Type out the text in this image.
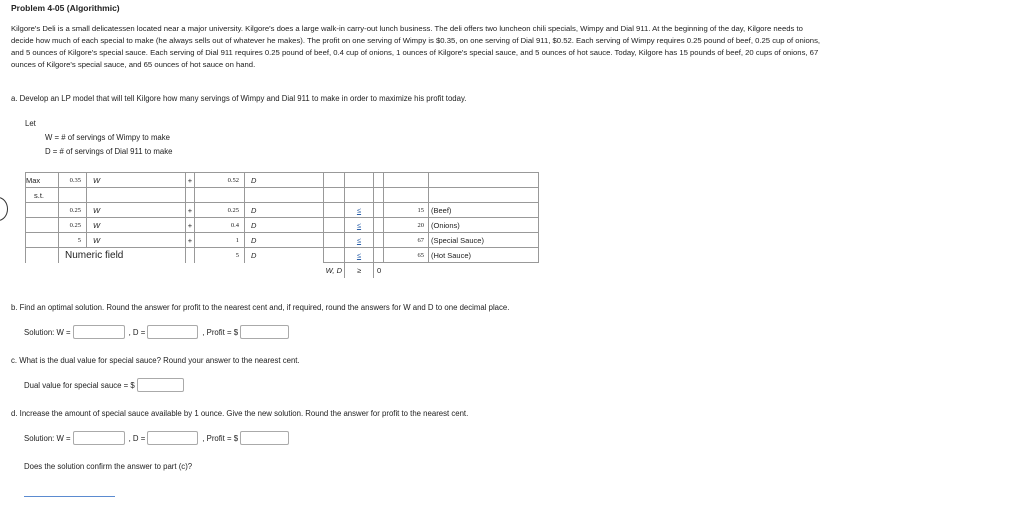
Problem 4-05 (Algorithmic)
Kilgore's Deli is a small delicatessen located near a major university. Kilgore's does a large walk-in carry-out lunch business. The deli offers two luncheon chili specials, Wimpy and Dial 911. At the beginning of the day, Kilgore needs to
decide how much of each special to make (he always sells out of whatever he makes). The profit on one serving of Wimpy is $0.35, on one serving of Dial 911, $0.52. Each serving of Wimpy requires 0.25 pound of beef, 0.25 cup of onions,
and 5 ounces of Kilgore's special sauce. Each serving of Dial 911 requires 0.25 pound of beef, 0.4 cup of onions, 1 ounces of Kilgore's special sauce, and 5 ounces of hot sauce. Today, Kilgore has 15 pounds of beef, 20 cups of onions, 67
ounces of Kilgore's special sauce, and 65 ounces of hot sauce on hand.
a. Develop an LP model that will tell Kilgore how many servings of Wimpy and Dial 911 to make in order to maximize his profit today.
Let
W = # of servings of Wimpy to make
D = # of servings of Dial 911 to make
Max	0.35	W	+	0.52	D					
s.t.										
	0.25	W	+	0.25	D		≤		15	(Beef)
	0.25	W	+	0.4	D		≤		20	(Onions)
	5	W	+	1	D		≤		67	(Special Sauce)
	Numeric field			5	D		≤		65	(Hot Sauce)
						W, D	≥	0		
b. Find an optimal solution. Round the answer for profit to the nearest cent and, if required, round the answers for W and D to one decimal place.
Solution: W =	, D =	, Profit = $
c. What is the dual value for special sauce? Round your answer to the nearest cent.
Dual value for special sauce = $
d. Increase the amount of special sauce available by 1 ounce. Give the new solution. Round the answer for profit to the nearest cent.
Solution: W =	, D =	, Profit = $
Does the solution confirm the answer to part (c)?
